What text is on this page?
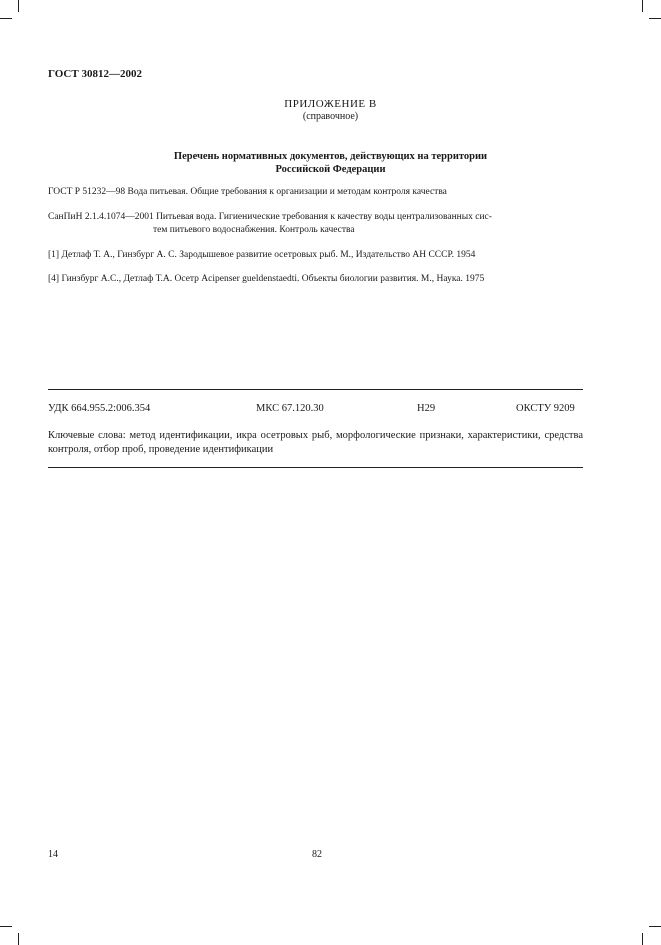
ГОСТ 30812—2002
ПРИЛОЖЕНИЕ В
(справочное)
Перечень нормативных документов, действующих на территории
Российской Федерации
ГОСТ Р 51232—98 Вода питьевая. Общие требования к организации и методам контроля качества
СанПиН 2.1.4.1074—2001 Питьевая вода. Гигиенические требования к качеству воды централизованных сис-
тем питьевого водоснабжения. Контроль качества
[1] Детлаф Т. А., Гинзбург А. С. Зародышевое развитие осетровых рыб. М., Издательство АН СССР. 1954
[4] Гинзбург А.С., Детлаф Т.А. Осетр Acipenser gueldenstaedti. Объекты биологии развития. М., Наука. 1975
УДК 664.955.2:006.354	МКС 67.120.30	Н29	ОКСТУ 9209
Ключевые слова: метод идентификации, икра осетровых рыб, морфологические признаки, характеристики, средства контроля, отбор проб, проведение идентификации
14	82
